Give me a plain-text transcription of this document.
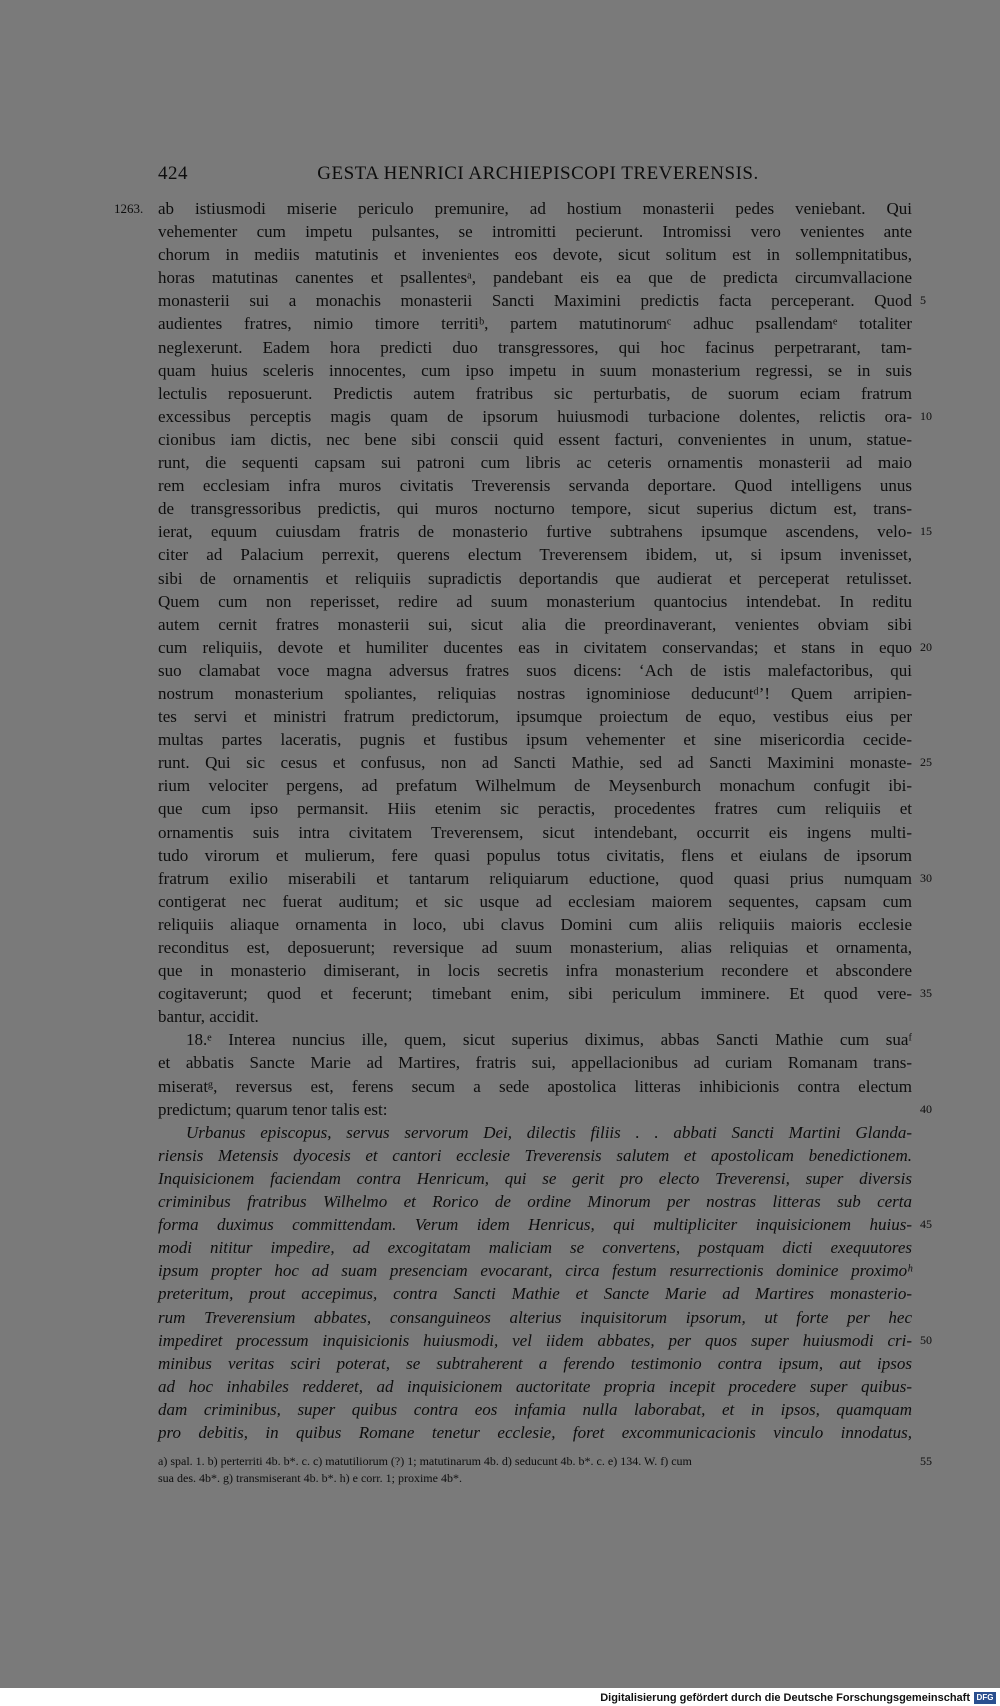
424	GESTA HENRICI ARCHIEPISCOPI TREVERENSIS.
ab istiusmodi miserie periculo premunire, ad hostium monasterii pedes veniebant. Qui
1263.
vehementer cum impetu pulsantes, se intromitti pecierunt. Intromissi vero venientes ante
chorum in mediis matutinis et invenientes eos devote, sicut solitum est in sollempnitatibus,
horas matutinas canentes et psallentesᵃ, pandebant eis ea que de predicta circumvallacione
monasterii sui a monachis monasterii Sancti Maximini predictis facta perceperant. Quod 5
audientes fratres, nimio timore territiᵇ, partem matutinorumᶜ adhuc psallendamᵉ totaliter
neglexerunt. Eadem hora predicti duo transgressores, qui hoc facinus perpetrarant, tam-
quam huius sceleris innocentes, cum ipso impetu in suum monasterium regressi, se in suis
lectulis reposuerunt. Predictis autem fratribus sic perturbatis, de suorum eciam fratrum
excessibus perceptis magis quam de ipsorum huiusmodi turbacione dolentes, relictis ora- 10
cionibus iam dictis, nec bene sibi conscii quid essent facturi, convenientes in unum, statue-
runt, die sequenti capsam sui patroni cum libris ac ceteris ornamentis monasterii ad maio
rem ecclesiam infra muros civitatis Treverensis servanda deportare. Quod intelligens unus
de transgressoribus predictis, qui muros nocturno tempore, sicut superius dictum est, trans-
ierat, equum cuiusdam fratris de monasterio furtive subtrahens ipsumque ascendens, velo- 15
citer ad Palacium perrexit, querens electum Treverensem ibidem, ut, si ipsum invenisset,
sibi de ornamentis et reliquiis supradictis deportandis que audierat et perceperat retulisset.
Quem cum non reperisset, redire ad suum monasterium quantocius intendebat. In reditu
autem cernit fratres monasterii sui, sicut alia die preordinaverant, venientes obviam sibi
cum reliquiis, devote et humiliter ducentes eas in civitatem conservandas; et stans in equo 20
suo clamabat voce magna adversus fratres suos dicens: ‘Ach de istis malefactoribus, qui
nostrum monasterium spoliantes, reliquias nostras ignominiose deducuntᵈ’! Quem arripien-
tes servi et ministri fratrum predictorum, ipsumque proiectum de equo, vestibus eius per
multas partes laceratis, pugnis et fustibus ipsum vehementer et sine misericordia cecide-
runt. Qui sic cesus et confusus, non ad Sancti Mathie, sed ad Sancti Maximini monaste- 25
rium velociter pergens, ad prefatum Wilhelmum de Meysenburch monachum confugit ibi-
que cum ipso permansit. Hiis etenim sic peractis, procedentes fratres cum reliquiis et
ornamentis suis intra civitatem Treverensem, sicut intendebant, occurrit eis ingens multi-
tudo virorum et mulierum, fere quasi populus totus civitatis, flens et eiulans de ipsorum
fratrum exilio miserabili et tantarum reliquiarum eductione, quod quasi prius numquam 30
contigerat nec fuerat auditum; et sic usque ad ecclesiam maiorem sequentes, capsam cum
reliquiis aliaque ornamenta in loco, ubi clavus Domini cum aliis reliquiis maioris ecclesie
reconditus est, deposuerunt; reversique ad suum monasterium, alias reliquias et ornamenta,
que in monasterio dimiserant, in locis secretis infra monasterium recondere et abscondere
cogitaverunt; quod et fecerunt; timebant enim, sibi periculum imminere. Et quod vere- 35
bantur, accidit.
18.ᵉ Interea nuncius ille, quem, sicut superius diximus, abbas Sancti Mathie cum suaᶠ
et abbatis Sancte Marie ad Martires, fratris sui, appellacionibus ad curiam Romanam trans-
miseratᵍ, reversus est, ferens secum a sede apostolica litteras inhibicionis contra electum
predictum; quarum tenor talis est:	40
Urbanus episcopus, servus servorum Dei, dilectis filiis . . abbati Sancti Martini Glanda-
riensis Metensis dyocesis et cantori ecclesie Treverensis salutem et apostolicam benedictionem.
Inquisicionem faciendam contra Henricum, qui se gerit pro electo Treverensi, super diversis
criminibus fratribus Wilhelmo et Rorico de ordine Minorum per nostras litteras sub certa
forma duximus committendam. Verum idem Henricus, qui multipliciter inquisicionem huius- 45
modi nititur impedire, ad excogitatam maliciam se convertens, postquam dicti exequutores
ipsum propter hoc ad suam presenciam evocarant, circa festum resurrectionis dominice proximoʰ
preteritum, prout accepimus, contra Sancti Mathie et Sancte Marie ad Martires monasterio-
rum Treverensium abbates, consanguineos alterius inquisitorum ipsorum, ut forte per hec
impediret processum inquisicionis huiusmodi, vel iidem abbates, per quos super huiusmodi cri- 50
minibus veritas sciri poterat, se subtraherent a ferendo testimonio contra ipsum, aut ipsos
ad hoc inhabiles redderet, ad inquisicionem auctoritate propria incepit procedere super quibus-
dam criminibus, super quibus contra eos infamia nulla laborabat, et in ipsos, quamquam
pro debitis, in quibus Romane tenetur ecclesie, foret excommunicacionis vinculo innodatus,
a) spal. 1. b) perterriti 4b. b*. c. c) matutiliorum (?) 1; matutinarum 4b. d) seducunt 4b. b*. c. e) 134. W. f) cum	55
sua des. 4b*. g) transmiserant 4b. b*. h) e corr. 1; proxime 4b*.
Digitalisierung gefördert durch die Deutsche Forschungsgemeinschaft DFG
